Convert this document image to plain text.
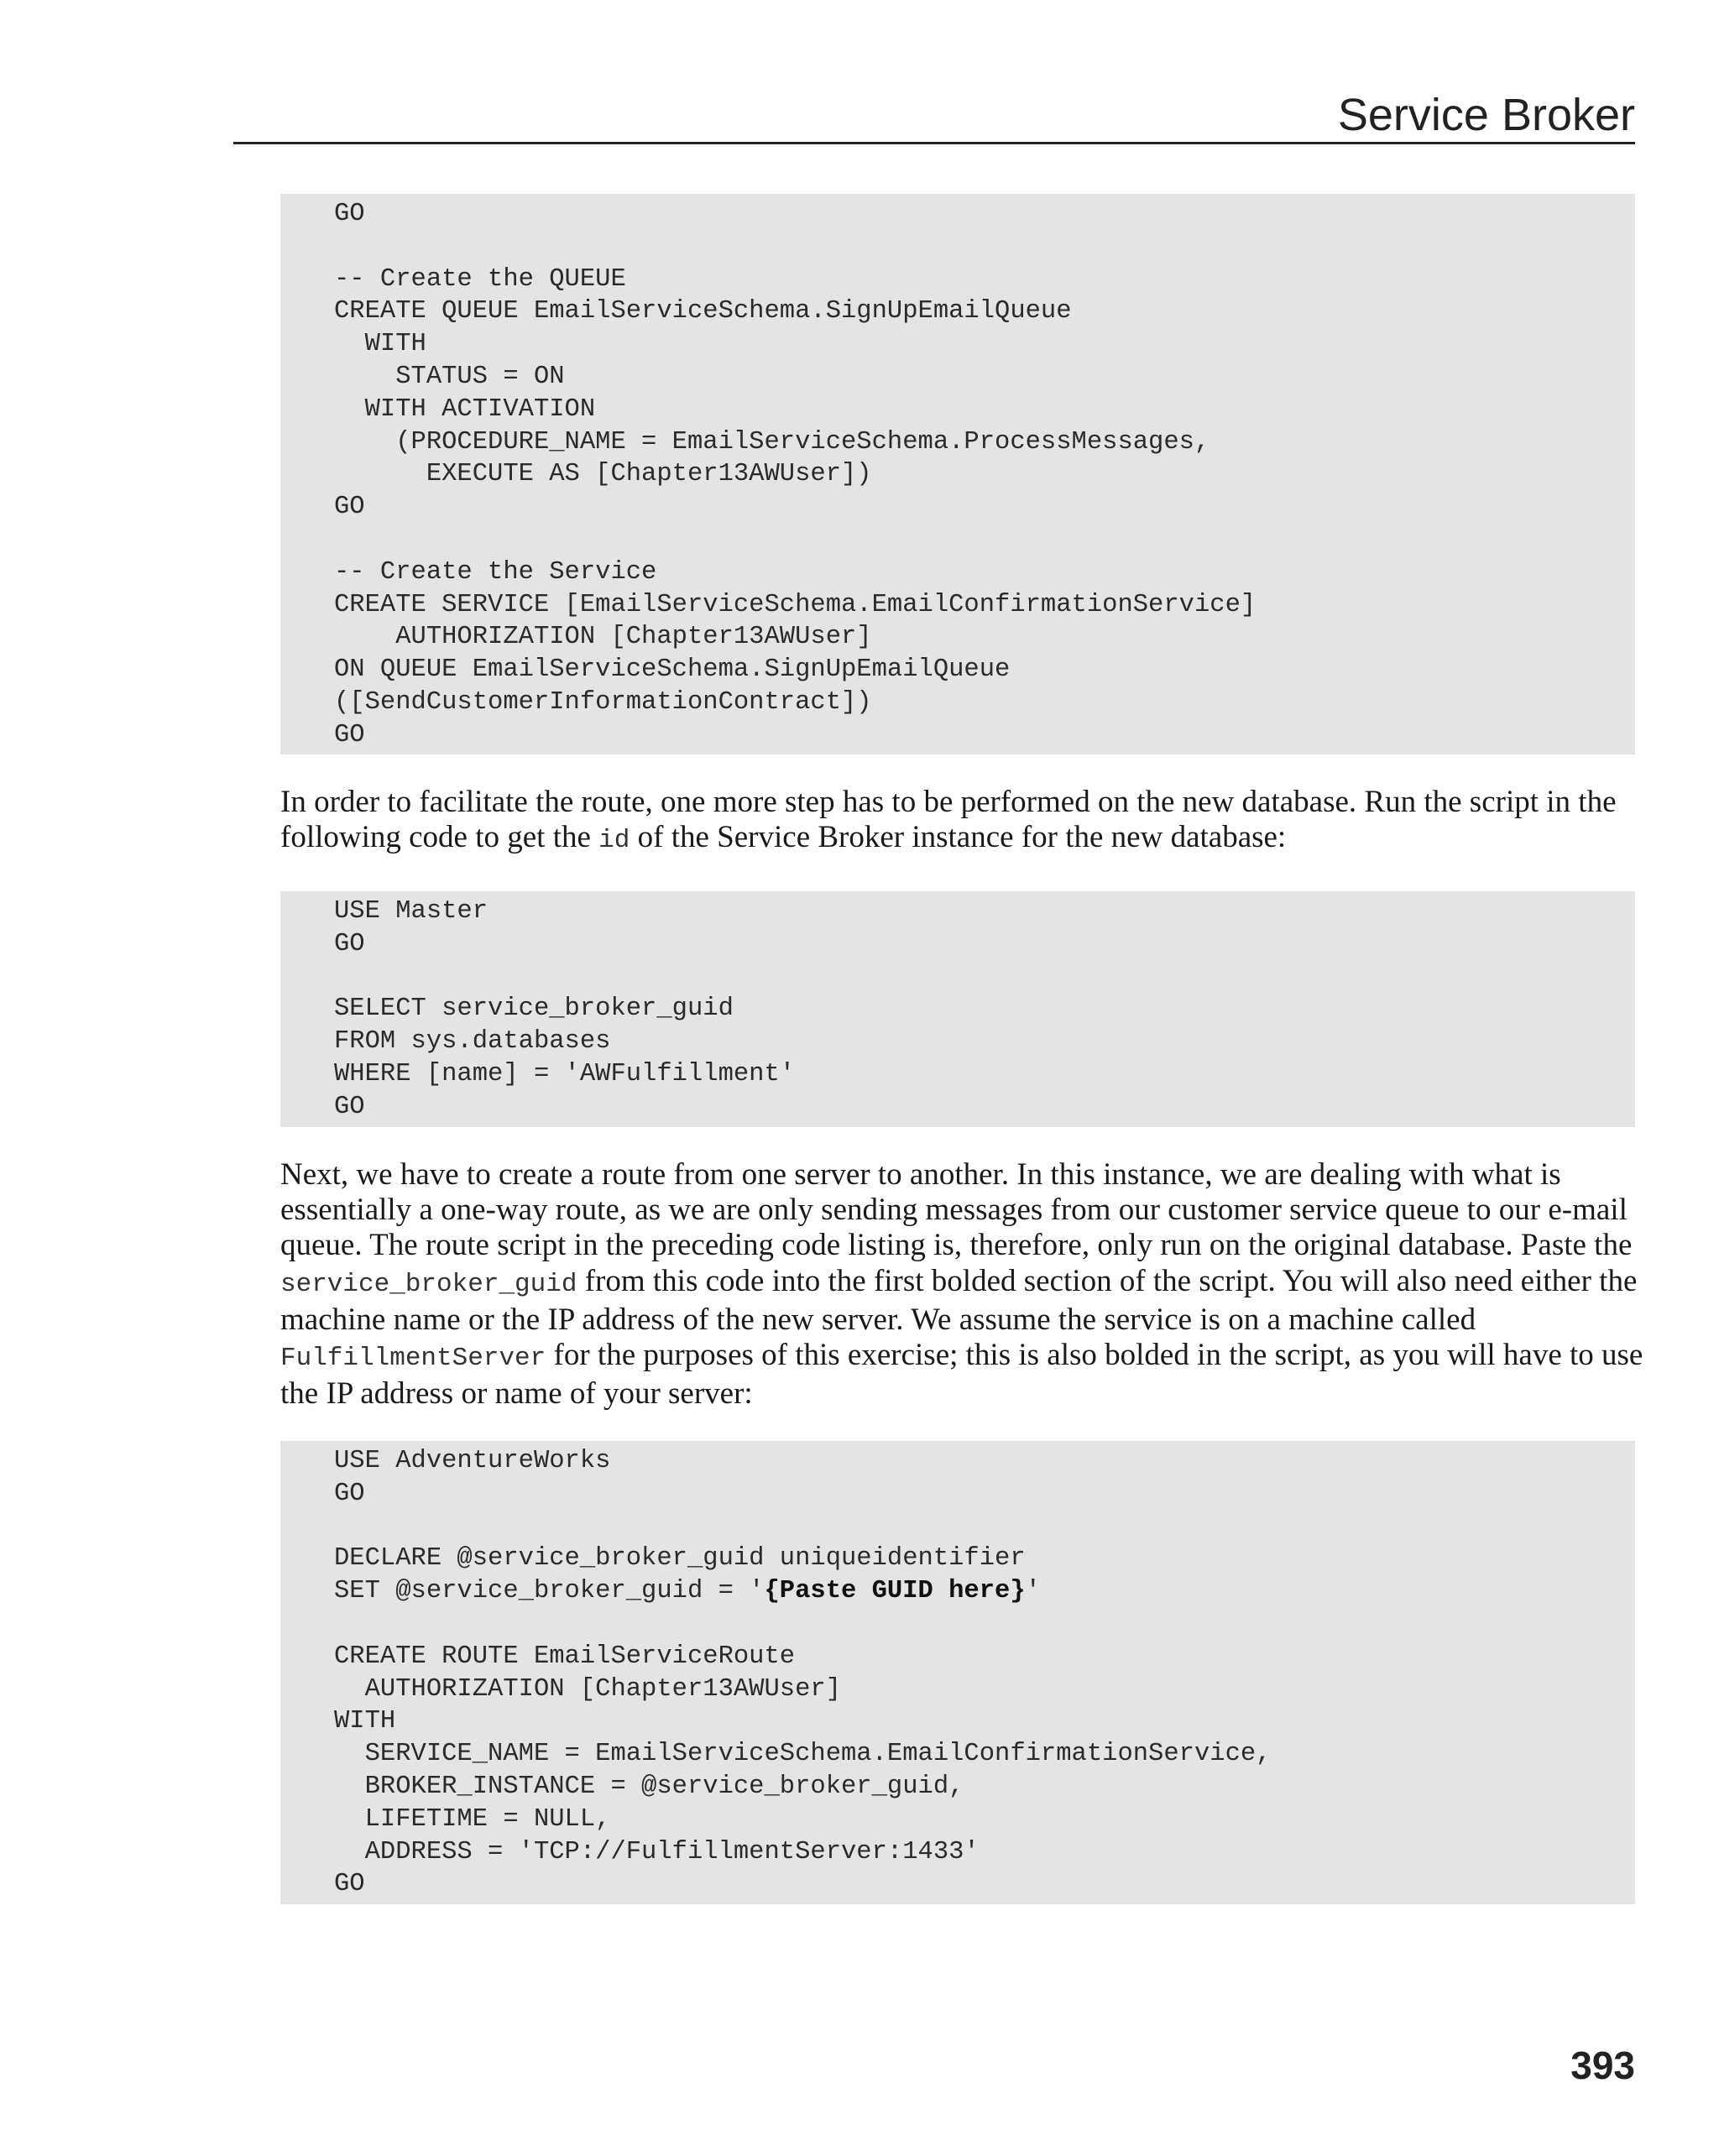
Service Broker
GO

-- Create the QUEUE
CREATE QUEUE EmailServiceSchema.SignUpEmailQueue
WITH
STATUS = ON
WITH ACTIVATION
(PROCEDURE_NAME = EmailServiceSchema.ProcessMessages,
EXECUTE AS [Chapter13AWUser])
GO

-- Create the Service
CREATE SERVICE [EmailServiceSchema.EmailConfirmationService]
AUTHORIZATION [Chapter13AWUser]
ON QUEUE EmailServiceSchema.SignUpEmailQueue
([SendCustomerInformationContract])
GO

In order to facilitate the route, one more step has to be performed on the new database. Run the script in the following code to get the id of the Service Broker instance for the new database:

USE Master
GO

SELECT service_broker_guid
FROM sys.databases
WHERE [name] = 'AWFulfillment'
GO

Next, we have to create a route from one server to another. In this instance, we are dealing with what is essentially a one-way route, as we are only sending messages from our customer service queue to our e-mail queue. The route script in the preceding code listing is, therefore, only run on the original database. Paste the service_broker_guid from this code into the first bolded section of the script. You will also need either the machine name or the IP address of the new server. We assume the service is on a machine called FulfillmentServer for the purposes of this exercise; this is also bolded in the script, as you will have to use the IP address or name of your server:

USE AdventureWorks
GO

DECLARE @service_broker_guid uniqueidentifier
SET @service_broker_guid = '{Paste GUID here}'

CREATE ROUTE EmailServiceRoute
AUTHORIZATION [Chapter13AWUser]
WITH
SERVICE_NAME = EmailServiceSchema.EmailConfirmationService,
BROKER_INSTANCE = @service_broker_guid,
LIFETIME = NULL,
ADDRESS = 'TCP://FulfillmentServer:1433'
GO
393
